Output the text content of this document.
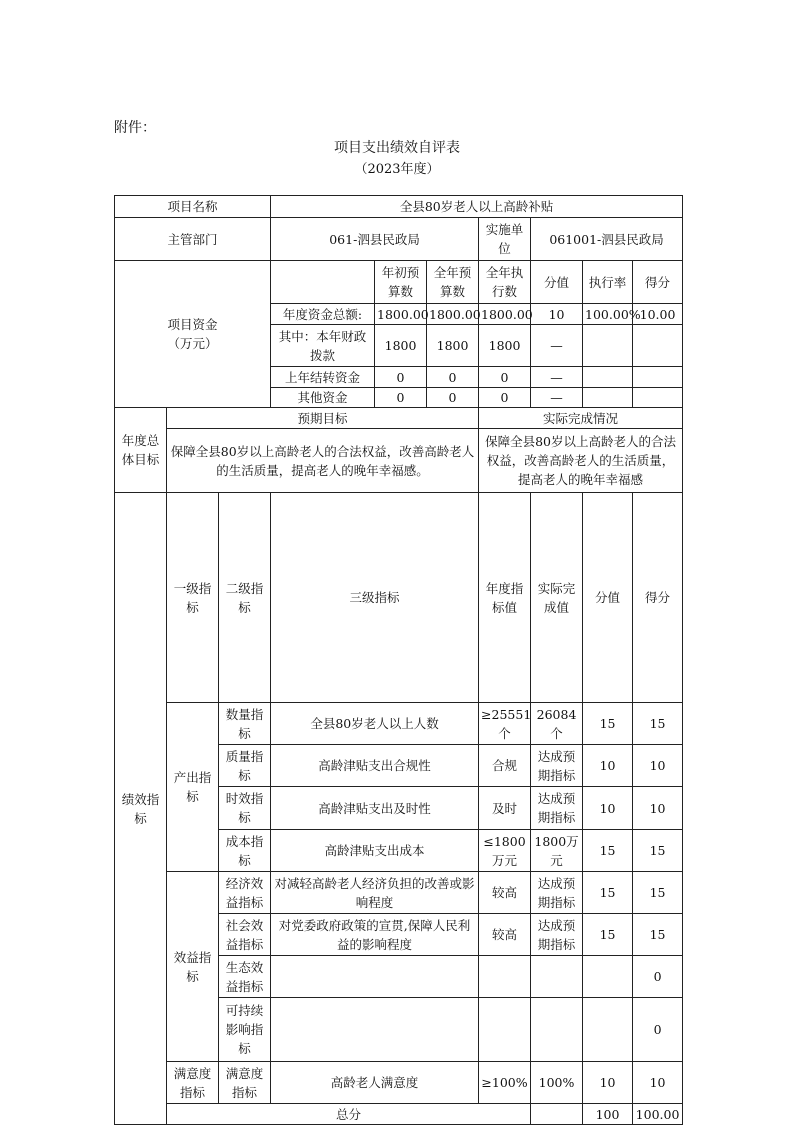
附件：
项目支出绩效自评表
（2023年度）
项目名称			全县80岁老人以上高龄补贴							
主管部门			061-泗县民政局			实施单位	061001-泗县民政局			

项目资金
（万元）				年初预算数	全年预算数	全年执行数	分值	执行率	得分	
			年度资金总额:	1800.00	1800.00	1800.00	10	100.00%	10.00	
			其中：本年财政拨款	1800	1800	1800	—			
			上年结转资金	0	0	0	—			
			其他资金	0	0	0	—			
年度总体目标	预期目标					实际完成情况				
	保障全县80岁以上高龄老人的合法权益，改善高龄老人的生活质量，提高老人的晚年幸福感。					保障全县80岁以上高龄老人的合法权益，改善高龄老人的生活质量，提高老人的晚年幸福感				
绩效指标	一级指标	二级指标	三级指标			年度指标值	实际完成值	分值	得分	
	产出指标	数量指标	全县80岁老人以上人数			≥25551个	26084个	15	15	
		质量指标	高龄津贴支出合规性			合规	达成预期指标	10	10	
		时效指标	高龄津贴支出及时性			及时	达成预期指标	10	10	
		成本指标	高龄津贴支出成本			≤1800万元	1800万元	15	15	
	效益指标	经济效益指标	对减轻高龄老人经济负担的改善或影响程度			较高	达成预期指标	15	15	
		社会效益指标	对党委政府政策的宣贯,保障人民利益的影响程度			较高	达成预期指标	15	15	
		生态效益指标							0	
		可持续影响指标							0	
	满意度指标	满意度指标	高龄老人满意度			≥100%	100%	10	10	
	总分							100	100.00	
